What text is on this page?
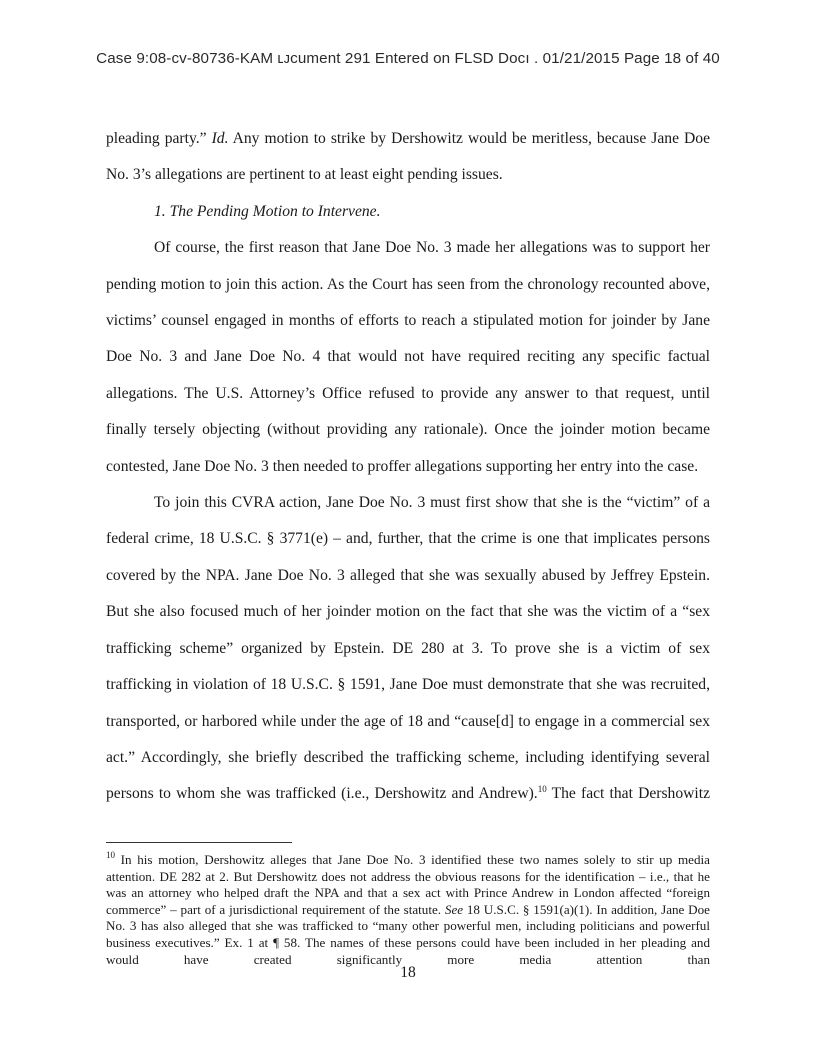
Case 9:08-cv-80736-KAM ʟᴊcument 291 Entered on FLSD Docı . 01/21/2015 Page 18 of 40

pleading party.” Id. Any motion to strike by Dershowitz would be meritless, because Jane Doe No. 3’s allegations are pertinent to at least eight pending issues.

1. The Pending Motion to Intervene.

Of course, the first reason that Jane Doe No. 3 made her allegations was to support her pending motion to join this action. As the Court has seen from the chronology recounted above, victims’ counsel engaged in months of efforts to reach a stipulated motion for joinder by Jane Doe No. 3 and Jane Doe No. 4 that would not have required reciting any specific factual allegations. The U.S. Attorney’s Office refused to provide any answer to that request, until finally tersely objecting (without providing any rationale). Once the joinder motion became contested, Jane Doe No. 3 then needed to proffer allegations supporting her entry into the case.

To join this CVRA action, Jane Doe No. 3 must first show that she is the “victim” of a federal crime, 18 U.S.C. § 3771(e) – and, further, that the crime is one that implicates persons covered by the NPA. Jane Doe No. 3 alleged that she was sexually abused by Jeffrey Epstein. But she also focused much of her joinder motion on the fact that she was the victim of a “sex trafficking scheme” organized by Epstein. DE 280 at 3. To prove she is a victim of sex trafficking in violation of 18 U.S.C. § 1591, Jane Doe must demonstrate that she was recruited, transported, or harbored while under the age of 18 and “cause[d] to engage in a commercial sex act.” Accordingly, she briefly described the trafficking scheme, including identifying several persons to whom she was trafficked (i.e., Dershowitz and Andrew).$^{10}$ The fact that Dershowitz

$^{10}$ In his motion, Dershowitz alleges that Jane Doe No. 3 identified these two names solely to stir up media attention. DE 282 at 2. But Dershowitz does not address the obvious reasons for the identification – i.e., that he was an attorney who helped draft the NPA and that a sex act with Prince Andrew in London affected “foreign commerce” – part of a jurisdictional requirement of the statute. See 18 U.S.C. § 1591(a)(1). In addition, Jane Doe No. 3 has also alleged that she was trafficked to “many other powerful men, including politicians and powerful business executives.” Ex. 1 at ¶ 58. The names of these persons could have been included in her pleading and would have created significantly more media attention than

18
